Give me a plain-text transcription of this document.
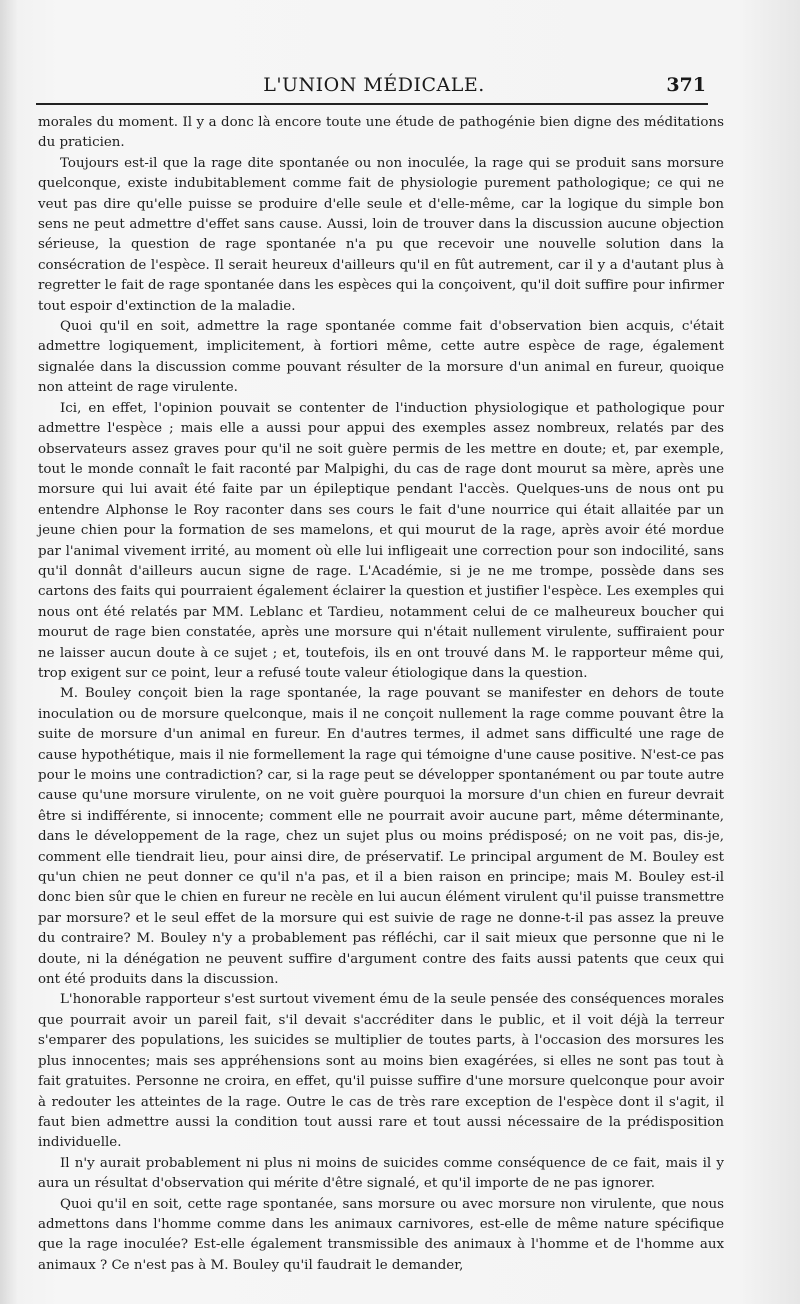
L'UNION MÉDICALE.	371

morales du moment. Il y a donc là encore toute une étude de pathogénie bien digne des méditations du praticien.

Toujours est-il que la rage dite spontanée ou non inoculée, la rage qui se produit sans morsure quelconque, existe indubitablement comme fait de physiologie purement pathologique; ce qui ne veut pas dire qu'elle puisse se produire d'elle seule et d'elle-même, car la logique du simple bon sens ne peut admettre d'effet sans cause. Aussi, loin de trouver dans la discussion aucune objection sérieuse, la question de rage spontanée n'a pu que recevoir une nouvelle solution dans la consécration de l'espèce. Il serait heureux d'ailleurs qu'il en fût autrement, car il y a d'autant plus à regretter le fait de rage spontanée dans les espèces qui la conçoivent, qu'il doit suffire pour infirmer tout espoir d'extinction de la maladie.

Quoi qu'il en soit, admettre la rage spontanée comme fait d'observation bien acquis, c'était admettre logiquement, implicitement, à fortiori même, cette autre espèce de rage, également signalée dans la discussion comme pouvant résulter de la morsure d'un animal en fureur, quoique non atteint de rage virulente.

Ici, en effet, l'opinion pouvait se contenter de l'induction physiologique et pathologique pour admettre l'espèce ; mais elle a aussi pour appui des exemples assez nombreux, relatés par des observateurs assez graves pour qu'il ne soit guère permis de les mettre en doute; et, par exemple, tout le monde connaît le fait raconté par Malpighi, du cas de rage dont mourut sa mère, après une morsure qui lui avait été faite par un épileptique pendant l'accès. Quelques-uns de nous ont pu entendre Alphonse le Roy raconter dans ses cours le fait d'une nourrice qui était allaitée par un jeune chien pour la formation de ses mamelons, et qui mourut de la rage, après avoir été mordue par l'animal vivement irrité, au moment où elle lui infligeait une correction pour son indocilité, sans qu'il donnât d'ailleurs aucun signe de rage. L'Académie, si je ne me trompe, possède dans ses cartons des faits qui pourraient également éclairer la question et justifier l'espèce. Les exemples qui nous ont été relatés par MM. Leblanc et Tardieu, notamment celui de ce malheureux boucher qui mourut de rage bien constatée, après une morsure qui n'était nullement virulente, suffiraient pour ne laisser aucun doute à ce sujet ; et, toutefois, ils en ont trouvé dans M. le rapporteur même qui, trop exigent sur ce point, leur a refusé toute valeur étiologique dans la question.

M. Bouley conçoit bien la rage spontanée, la rage pouvant se manifester en dehors de toute inoculation ou de morsure quelconque, mais il ne conçoit nullement la rage comme pouvant être la suite de morsure d'un animal en fureur. En d'autres termes, il admet sans difficulté une rage de cause hypothétique, mais il nie formellement la rage qui témoigne d'une cause positive. N'est-ce pas pour le moins une contradiction? car, si la rage peut se développer spontanément ou par toute autre cause qu'une morsure virulente, on ne voit guère pourquoi la morsure d'un chien en fureur devrait être si indifférente, si innocente; comment elle ne pourrait avoir aucune part, même déterminante, dans le développement de la rage, chez un sujet plus ou moins prédisposé; on ne voit pas, dis-je, comment elle tiendrait lieu, pour ainsi dire, de préservatif. Le principal argument de M. Bouley est qu'un chien ne peut donner ce qu'il n'a pas, et il a bien raison en principe; mais M. Bouley est-il donc bien sûr que le chien en fureur ne recèle en lui aucun élément virulent qu'il puisse transmettre par morsure? et le seul effet de la morsure qui est suivie de rage ne donne-t-il pas assez la preuve du contraire? M. Bouley n'y a probablement pas réfléchi, car il sait mieux que personne que ni le doute, ni la dénégation ne peuvent suffire d'argument contre des faits aussi patents que ceux qui ont été produits dans la discussion.

L'honorable rapporteur s'est surtout vivement ému de la seule pensée des conséquences morales que pourrait avoir un pareil fait, s'il devait s'accréditer dans le public, et il voit déjà la terreur s'emparer des populations, les suicides se multiplier de toutes parts, à l'occasion des morsures les plus innocentes; mais ses appréhensions sont au moins bien exagérées, si elles ne sont pas tout à fait gratuites. Personne ne croira, en effet, qu'il puisse suffire d'une morsure quelconque pour avoir à redouter les atteintes de la rage. Outre le cas de très rare exception de l'espèce dont il s'agit, il faut bien admettre aussi la condition tout aussi rare et tout aussi nécessaire de la prédisposition individuelle.

Il n'y aurait probablement ni plus ni moins de suicides comme conséquence de ce fait, mais il y aura un résultat d'observation qui mérite d'être signalé, et qu'il importe de ne pas ignorer.

Quoi qu'il en soit, cette rage spontanée, sans morsure ou avec morsure non virulente, que nous admettons dans l'homme comme dans les animaux carnivores, est-elle de même nature spécifique que la rage inoculée? Est-elle également transmissible des animaux à l'homme et de l'homme aux animaux ? Ce n'est pas à M. Bouley qu'il faudrait le demander,
